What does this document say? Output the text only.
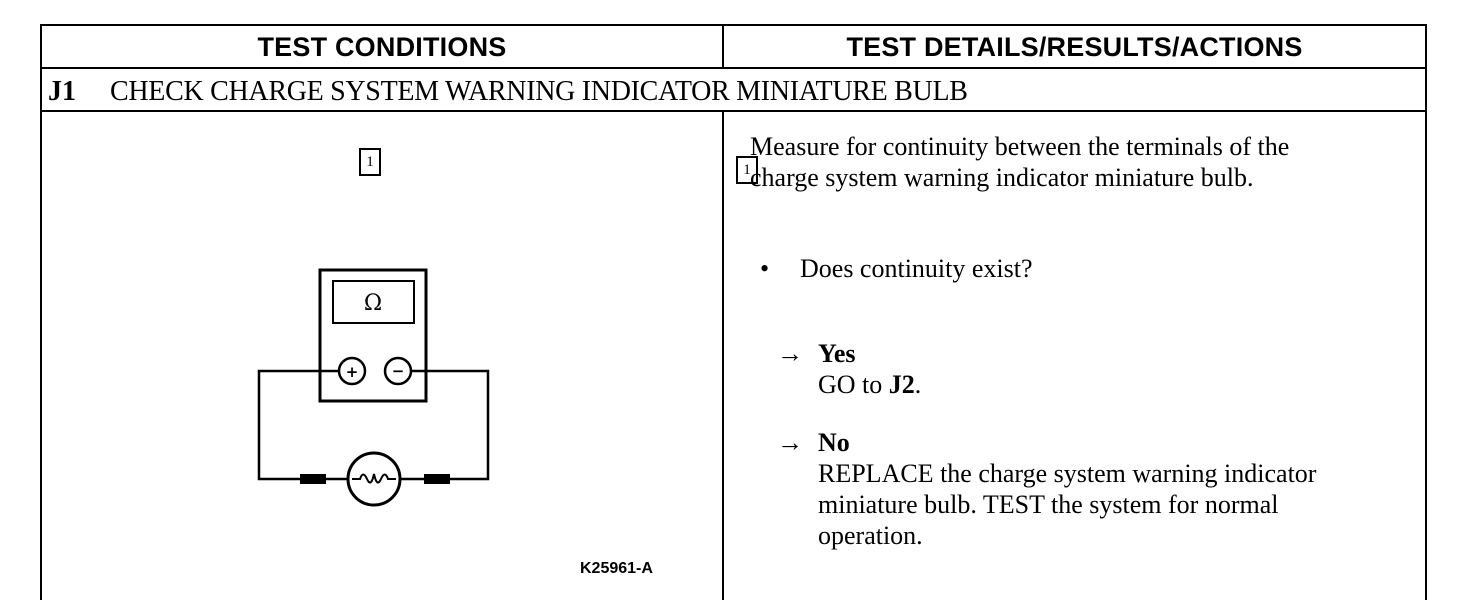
TEST CONDITIONS	TEST DETAILS/RESULTS/ACTIONS
J1	CHECK CHARGE SYSTEM WARNING INDICATOR MINIATURE BULB
1
Ω
+ −
K25961-A
1
Measure for continuity between the terminals of the charge system warning indicator miniature bulb.
•	Does continuity exist?
→ Yes
GO to J2.
→ No
REPLACE the charge system warning indicator miniature bulb. TEST the system for normal operation.
